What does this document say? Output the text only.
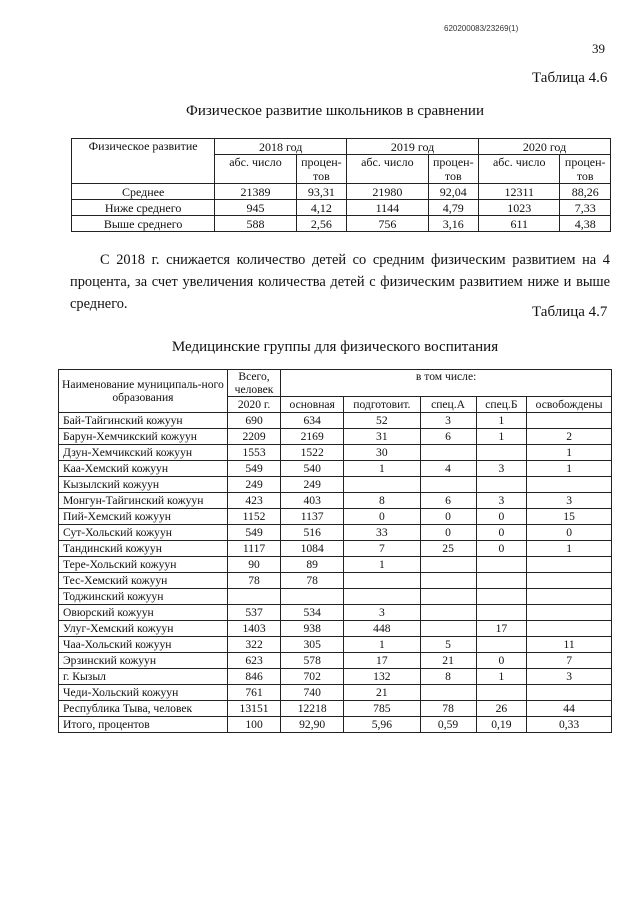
620200083/23269(1)
39
Таблица 4.6
Физическое развитие школьников в сравнении
Физическое развитие	2018 год		2019 год		2020 год	
	абс. число	процен-тов	абс. число	процен-тов	абс. число	процен-тов
Среднее	21389	93,31	21980	92,04	12311	88,26
Ниже среднего	945	4,12	1144	4,79	1023	7,33
Выше среднего	588	2,56	756	3,16	611	4,38

С 2018 г. снижается количество детей со средним физическим развитием на 4 процента, за счет увеличения количества детей с физическим развитием ниже и выше среднего.	Таблица 4.7
Медицинские группы для физического воспитания
Наименование муниципаль-ного образования	Всего, человек	в том числе:				
	2020 г.	основная	подготовит.	спец.А	спец.Б	освобождены
Бай-Тайгинский кожуун	690	634	52	3	1	
Барун-Хемчикский кожуун	2209	2169	31	6	1	2
Дзун-Хемчикский кожуун	1553	1522	30			1
Каа-Хемский кожуун	549	540	1	4	3	1
Кызылский кожуун	249	249				
Монгун-Тайгинский кожуун	423	403	8	6	3	3
Пий-Хемский кожуун	1152	1137	0	0	0	15
Сут-Хольский кожуун	549	516	33	0	0	0
Тандинский кожуун	1117	1084	7	25	0	1
Тере-Хольский кожуун	90	89	1			
Тес-Хемский кожуун	78	78				
Тоджинский кожуун						
Овюрский кожуун	537	534	3			
Улуг-Хемский кожуун	1403	938	448		17	
Чаа-Хольский кожуун	322	305	1	5		11
Эрзинский кожуун	623	578	17	21	0	7
г. Кызыл	846	702	132	8	1	3
Чеди-Хольский кожуун	761	740	21			
Республика Тыва, человек	13151	12218	785	78	26	44
Итого, процентов	100	92,90	5,96	0,59	0,19	0,33
